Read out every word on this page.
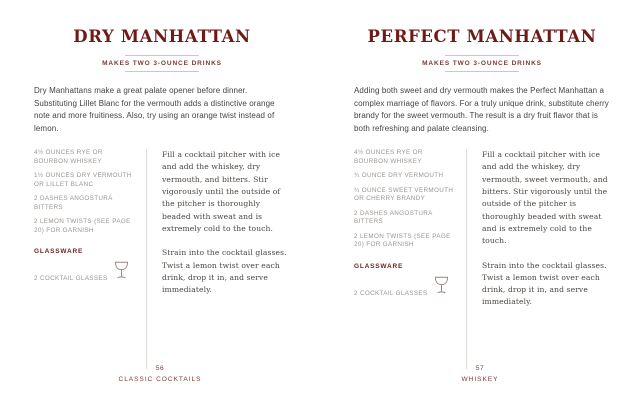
DRY MANHATTAN
MAKES TWO 3-OUNCE DRINKS

Dry Manhattans make a great palate opener before dinner. Substituting Lillet Blanc for the vermouth adds a distinctive orange note and more fruitiness. Also, try using an orange twist instead of lemon.

4½ OUNCES RYE OR BOURBON WHISKEY

1½ OUNCES DRY VERMOUTH OR LILLET BLANC

2 DASHES ANGOSTURA BITTERS

2 LEMON TWISTS (SEE PAGE 20) FOR GARNISH

GLASSWARE

2 COCKTAIL GLASSES

Fill a cocktail pitcher with ice and add the whiskey, dry vermouth, and bitters. Stir vigorously until the outside of the pitcher is thoroughly beaded with sweat and is extremely cold to the touch.

Strain into the cocktail glasses. Twist a lemon twist over each drink, drop it in, and serve immediately.

56
CLASSIC COCKTAILS
PERFECT MANHATTAN
MAKES TWO 3-OUNCE DRINKS

Adding both sweet and dry vermouth makes the Perfect Manhattan a complex marriage of flavors. For a truly unique drink, substitute cherry brandy for the sweet vermouth. The result is a dry fruit flavor that is both refreshing and palate cleansing.

4½ OUNCES RYE OR BOURBON WHISKEY

¾ OUNCE DRY VERMOUTH

¾ OUNCE SWEET VERMOUTH OR CHERRY BRANDY

2 DASHES ANGOSTURA BITTERS

2 LEMON TWISTS (SEE PAGE 20) FOR GARNISH

GLASSWARE

2 COCKTAIL GLASSES

Fill a cocktail pitcher with ice and add the whiskey, dry vermouth, sweet vermouth, and bitters. Stir vigorously until the outside of the pitcher is thoroughly beaded with sweat and is extremely cold to the touch.

Strain into the cocktail glasses. Twist a lemon twist over each drink, drop it in, and serve immediately.

57
WHISKEY
